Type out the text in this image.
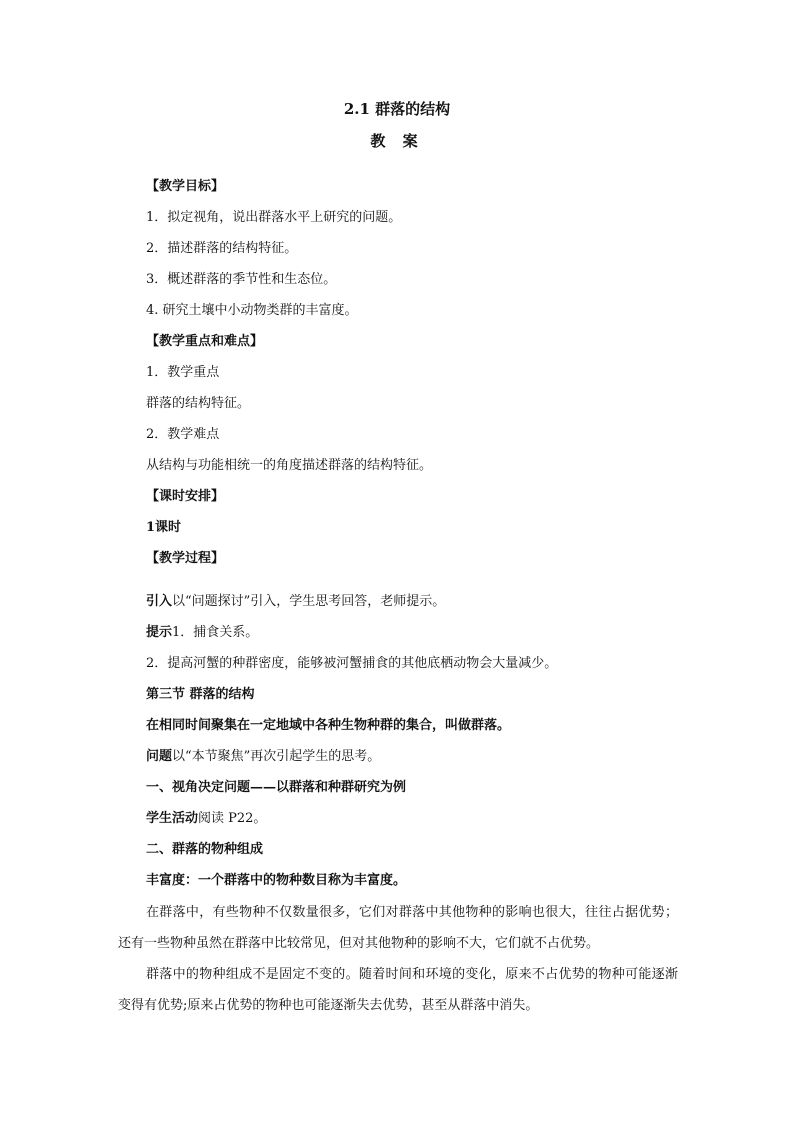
2.1 群落的结构
教 案
【教学目标】
1．拟定视角，说出群落水平上研究的问题。
2．描述群落的结构特征。
3．概述群落的季节性和生态位。
4. 研究土壤中小动物类群的丰富度。
【教学重点和难点】
1．教学重点
群落的结构特征。
2．教学难点
从结构与功能相统一的角度描述群落的结构特征。
【课时安排】
1课时
【教学过程】
引入以“问题探讨”引入，学生思考回答，老师提示。
提示1．捕食关系。
2．提高河蟹的种群密度，能够被河蟹捕食的其他底栖动物会大量减少。
第三节 群落的结构
在相同时间聚集在一定地域中各种生物种群的集合，叫做群落。
问题以“本节聚焦”再次引起学生的思考。
一、视角决定问题——以群落和种群研究为例
学生活动阅读 P22。
二、群落的物种组成
丰富度：一个群落中的物种数目称为丰富度。
在群落中，有些物种不仅数量很多，它们对群落中其他物种的影响也很大，往往占据优势；还有一些物种虽然在群落中比较常见，但对其他物种的影响不大，它们就不占优势。
群落中的物种组成不是固定不变的。随着时间和环境的变化，原来不占优势的物种可能逐渐变得有优势;原来占优势的物种也可能逐渐失去优势，甚至从群落中消失。
